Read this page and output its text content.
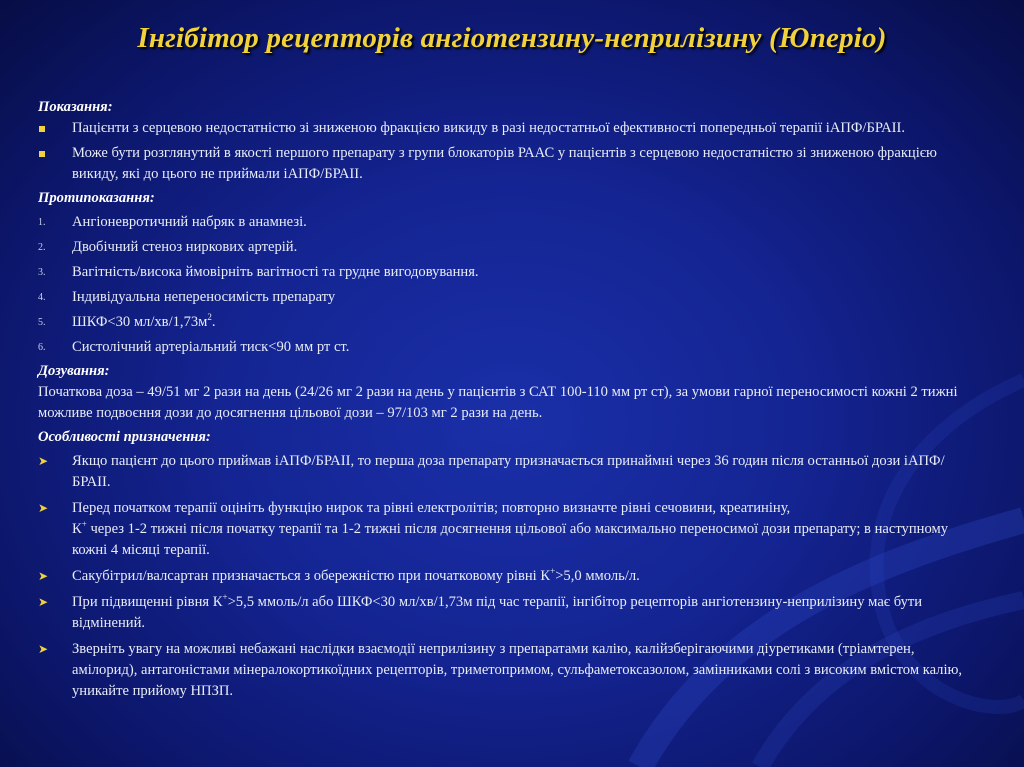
Інгібітор рецепторів ангіотензину-неприлізину (Юперіо)
Показання:
Пацієнти з серцевою недостатністю зі зниженою фракцією викиду в разі недостатньої ефективності попередньої терапії іАПФ/БРАІІ.
Може бути розглянутий в якості першого препарату з групи блокаторів РААС у пацієнтів з серцевою недостатністю зі зниженою фракцією викиду, які до цього не приймали іАПФ/БРАІІ.
Протипоказання:
1.	Ангіоневротичний набряк в анамнезі.
2.	Двобічний стеноз ниркових артерій.
3.	Вагітність/висока ймовірніть вагітності та грудне вигодовування.
4.	Індивідуальна непереносимість препарату
5.	ШКФ<30 $мл/хв/1,73м^2$.
6.	Систолічний артеріальний тиск<90 мм рт ст.
Дозування:
Початкова доза – 49/51 мг 2 рази на день (24/26 мг 2 рази на день у пацієнтів з САТ 100-110 мм рт ст), за умови гарної переносимості кожні 2 тижні можливе подвоєння дози до досягнення цільової дози – 97/103 мг 2 рази на день.
Особливості призначення:
➤	Якщо пацієнт до цього приймав іАПФ/БРАІІ, то перша доза препарату призначається принаймні через 36 годин після останньої дози іАПФ/БРАІІ.
➤	Перед початком терапії оцініть функцію нирок та рівні електролітів; повторно визначте рівні сечовини, креатиніну,
К+ через 1-2 тижні після початку терапії та 1-2 тижні після досягнення цільової або максимально переносимої дози препарату; в наступному кожні 4 місяці терапії.
➤	Сакубітрил/валсартан призначається з обережністю при початковому рівні К+>5,0 ммоль/л.
➤	При підвищенні рівня К+>5,5 ммоль/л або ШКФ<30 мл/хв/1,73м під час терапії, інгібітор рецепторів ангіотензину-неприлізину має бути відмінений.
➤	Зверніть увагу на можливі небажані наслідки взаємодії неприлізину з препаратами калію, калійзберігаючими діуретиками (тріамтерен, амілорид), антагоністами мінералокортикоїдних рецепторів, триметопримом, сульфаметоксазолом, замінниками солі з високим вмістом калію, уникайте прийому НПЗП.
